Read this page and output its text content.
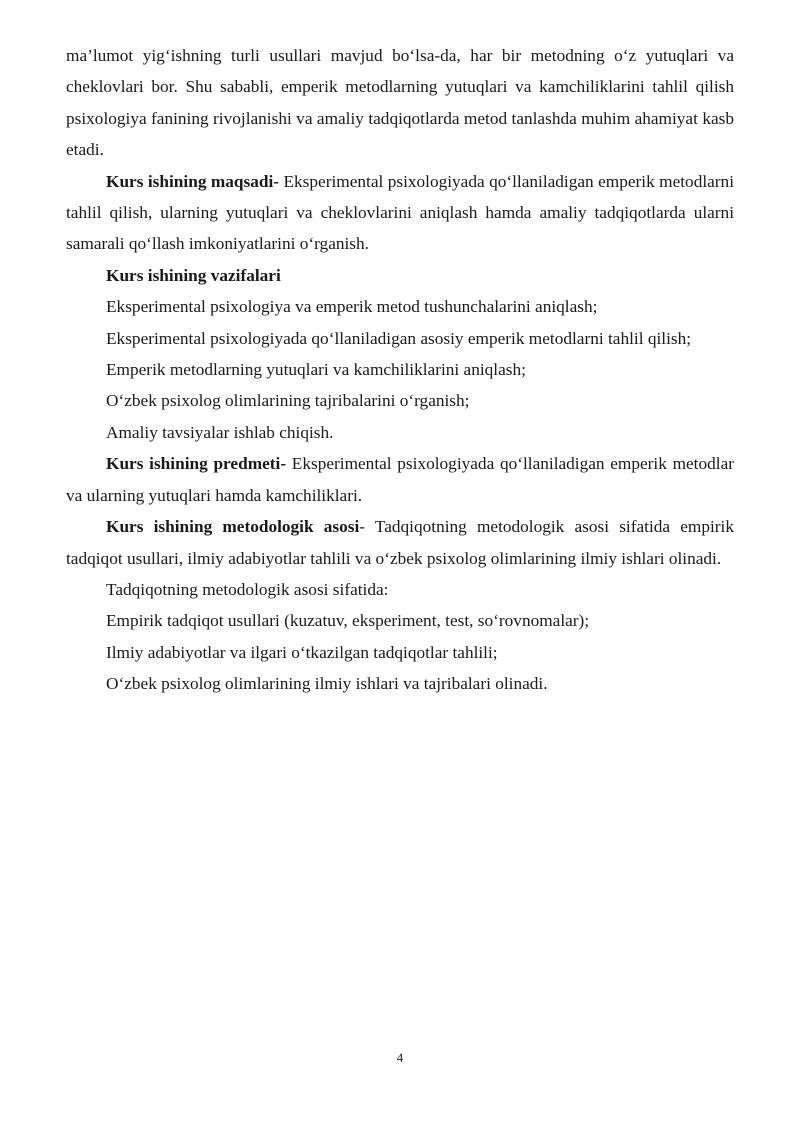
ma’lumot yig‘ishning turli usullari mavjud bo‘lsa-da, har bir metodning o‘z yutuqlari va cheklovlari bor. Shu sababli, emperik metodlarning yutuqlari va kamchiliklarini tahlil qilish psixologiya fanining rivojlanishi va amaliy tadqiqotlarda metod tanlashda muhim ahamiyat kasb etadi.

Kurs ishining maqsadi- Eksperimental psixologiyada qo‘llaniladigan emperik metodlarni tahlil qilish, ularning yutuqlari va cheklovlarini aniqlash hamda amaliy tadqiqotlarda ularni samarali qo‘llash imkoniyatlarini o‘rganish.

Kurs ishining vazifalari

Eksperimental psixologiya va emperik metod tushunchalarini aniqlash;

Eksperimental psixologiyada qo‘llaniladigan asosiy emperik metodlarni tahlil qilish;

Emperik metodlarning yutuqlari va kamchiliklarini aniqlash;

O‘zbek psixolog olimlarining tajribalarini o‘rganish;

Amaliy tavsiyalar ishlab chiqish.

Kurs ishining predmeti- Eksperimental psixologiyada qo‘llaniladigan emperik metodlar va ularning yutuqlari hamda kamchiliklari.

Kurs ishining metodologik asosi- Tadqiqotning metodologik asosi sifatida empirik tadqiqot usullari, ilmiy adabiyotlar tahlili va o‘zbek psixolog olimlarining ilmiy ishlari olinadi.

Tadqiqotning metodologik asosi sifatida:

Empirik tadqiqot usullari (kuzatuv, eksperiment, test, so‘rovnomalar);

Ilmiy adabiyotlar va ilgari o‘tkazilgan tadqiqotlar tahlili;

O‘zbek psixolog olimlarining ilmiy ishlari va tajribalari olinadi.

4
